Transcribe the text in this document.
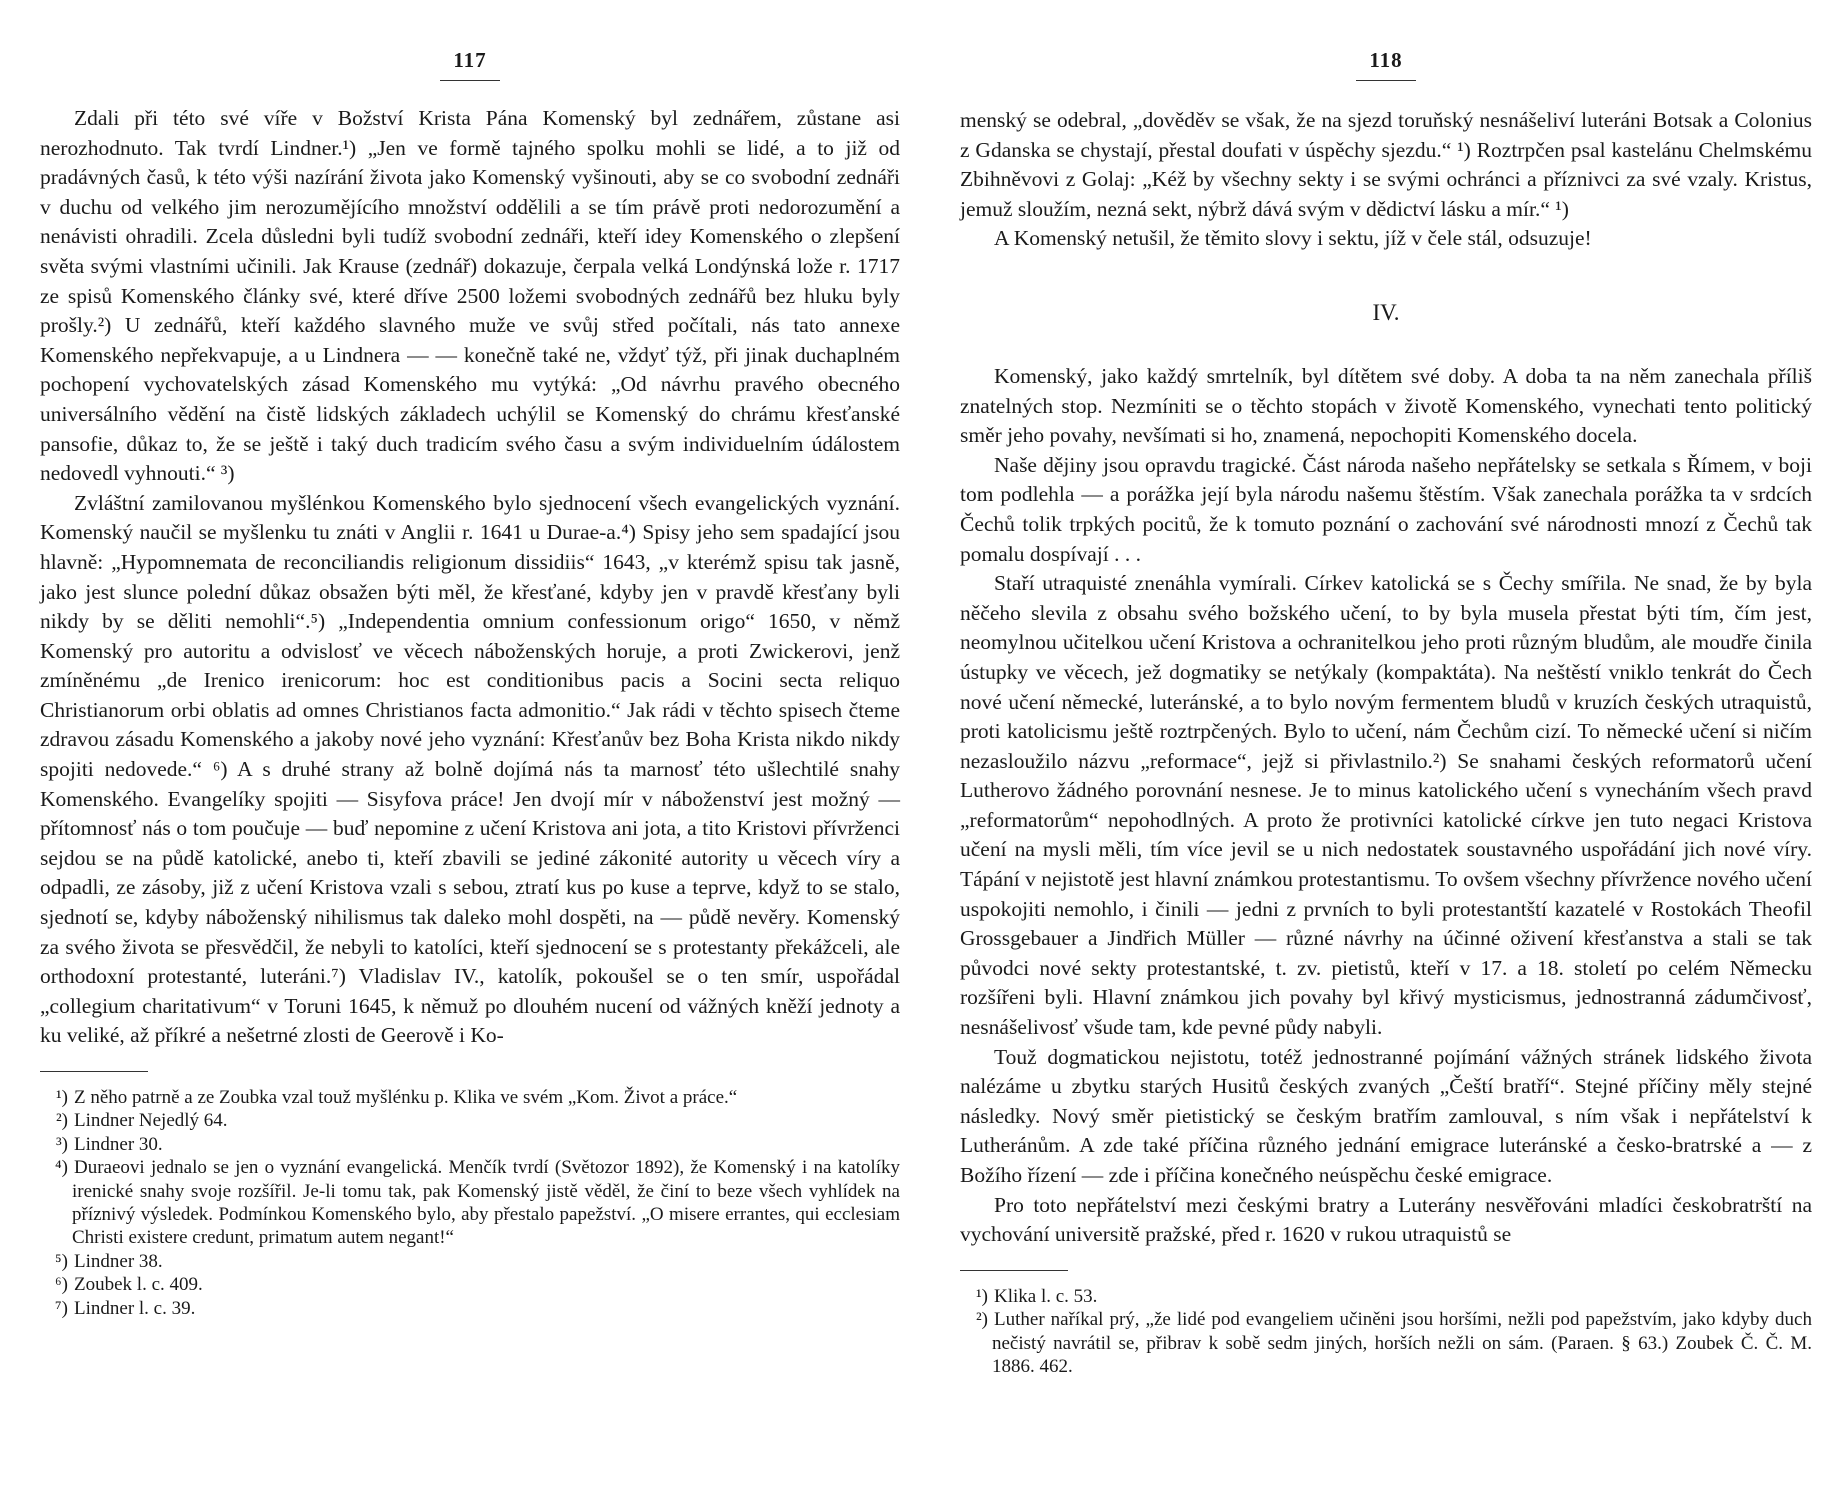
117

Zdali při této své víře v Božství Krista Pána Komenský byl zednářem, zůstane asi nerozhodnuto. Tak tvrdí Lindner.¹) „Jen ve formě tajného spolku mohli se lidé, a to již od pradávných časů, k této výši nazírání života jako Komenský vyšinouti, aby se co svobodní zednáři v duchu od velkého jim nerozumějícího množství oddělili a se tím právě proti nedorozumění a nenávisti ohradili. Zcela důsledni byli tudíž svobodní zednáři, kteří idey Komenského o zlepšení světa svými vlastními učinili. Jak Krause (zednář) dokazuje, čerpala velká Londýnská lože r. 1717 ze spisů Komenského články své, které dříve 2500 ložemi svobodných zednářů bez hluku byly prošly.²) U zednářů, kteří každého slavného muže ve svůj střed počítali, nás tato annexe Komenského nepřekvapuje, a u Lindnera — — konečně také ne, vždyť týž, při jinak duchaplném pochopení vychovatelských zásad Komenského mu vytýká: „Od návrhu pravého obecného universálního vědění na čistě lidských základech uchýlil se Komenský do chrámu křesťanské pansofie, důkaz to, že se ještě i taký duch tradicím svého času a svým individuelním údálostem nedovedl vyhnouti.“ ³)

Zvláštní zamilovanou myšlénkou Komenského bylo sjednocení všech evangelických vyznání. Komenský naučil se myšlenku tu znáti v Anglii r. 1641 u Durae-a.⁴) Spisy jeho sem spadající jsou hlavně: „Hypomnemata de reconciliandis religionum dissidiis“ 1643, „v kterémž spisu tak jasně, jako jest slunce polední důkaz obsažen býti měl, že křesťané, kdyby jen v pravdě křesťany byli nikdy by se děliti nemohli“.⁵) „Independentia omnium confessionum origo“ 1650, v němž Komenský pro autoritu a odvislosť ve věcech náboženských horuje, a proti Zwickerovi, jenž zmíněnému „de Irenico irenicorum: hoc est conditionibus pacis a Socini secta reliquo Christianorum orbi oblatis ad omnes Christianos facta admonitio.“ Jak rádi v těchto spisech čteme zdravou zásadu Komenského a jakoby nové jeho vyznání: Křesťanův bez Boha Krista nikdo nikdy spojiti nedovede.“ ⁶) A s druhé strany až bolně dojímá nás ta marnosť této ušlechtilé snahy Komenského. Evangelíky spojiti — Sisyfova práce! Jen dvojí mír v náboženství jest možný — přítomnosť nás o tom poučuje — buď nepomine z učení Kristova ani jota, a tito Kristovi přívrženci sejdou se na půdě katolické, anebo ti, kteří zbavili se jediné zákonité autority u věcech víry a odpadli, ze zásoby, již z učení Kristova vzali s sebou, ztratí kus po kuse a teprve, když to se stalo, sjednotí se, kdyby náboženský nihilismus tak daleko mohl dospěti, na — půdě nevěry. Komenský za svého života se přesvědčil, že nebyli to katolíci, kteří sjednocení se s protestanty překážceli, ale orthodoxní protestanté, luteráni.⁷) Vladislav IV., katolík, pokoušel se o ten smír, uspořádal „collegium charitativum“ v Toruni 1645, k němuž po dlouhém nucení od vážných kněží jednoty a ku veliké, až příkré a nešetrné zlosti de Geerově i Ko-

¹) Z něho patrně a ze Zoubka vzal touž myšlénku p. Klika ve svém „Kom. Život a práce.“

²) Lindner Nejedlý 64.

³) Lindner 30.

⁴) Duraeovi jednalo se jen o vyznání evangelická. Menčík tvrdí (Světozor 1892), že Komenský i na katolíky irenické snahy svoje rozšířil. Je-li tomu tak, pak Komenský jistě věděl, že činí to beze všech vyhlídek na příznivý výsledek. Podmínkou Komenského bylo, aby přestalo papežství. „O misere errantes, qui ecclesiam Christi existere credunt, primatum autem negant!“

⁵) Lindner 38.

⁶) Zoubek l. c. 409.

⁷) Lindner l. c. 39.

118

menský se odebral, „dověděv se však, že na sjezd toruňský nesnášeliví luteráni Botsak a Colonius z Gdanska se chystají, přestal doufati v úspěchy sjezdu.“ ¹) Roztrpčen psal kastelánu Chelmskému Zbihněvovi z Golaj: „Kéž by všechny sekty i se svými ochránci a příznivci za své vzaly. Kristus, jemuž sloužím, nezná sekt, nýbrž dává svým v dědictví lásku a mír.“ ¹)

A Komenský netušil, že těmito slovy i sektu, jíž v čele stál, odsuzuje!

IV.

Komenský, jako každý smrtelník, byl dítětem své doby. A doba ta na něm zanechala příliš znatelných stop. Nezmíniti se o těchto stopách v životě Komenského, vynechati tento politický směr jeho povahy, nevšímati si ho, znamená, nepochopiti Komenského docela.

Naše dějiny jsou opravdu tragické. Část národa našeho nepřátelsky se setkala s Římem, v boji tom podlehla — a porážka její byla národu našemu štěstím. Však zanechala porážka ta v srdcích Čechů tolik trpkých pocitů, že k tomuto poznání o zachování své národnosti mnozí z Čechů tak pomalu dospívají . . .

Staří utraquisté znenáhla vymírali. Církev katolická se s Čechy smířila. Ne snad, že by byla něčeho slevila z obsahu svého božského učení, to by byla musela přestat býti tím, čím jest, neomylnou učitelkou učení Kristova a ochranitelkou jeho proti různým bludům, ale moudře činila ústupky ve věcech, jež dogmatiky se netýkaly (kompaktáta). Na neštěstí vniklo tenkrát do Čech nové učení německé, luteránské, a to bylo novým fermentem bludů v kruzích českých utraquistů, proti katolicismu ještě roztrpčených. Bylo to učení, nám Čechům cizí. To německé učení si ničím nezasloužilo názvu „reformace“, jejž si přivlastnilo.²) Se snahami českých reformatorů učení Lutherovo žádného porovnání nesnese. Je to minus katolického učení s vynecháním všech pravd „reformatorům“ nepohodlných. A proto že protivníci katolické církve jen tuto negaci Kristova učení na mysli měli, tím více jevil se u nich nedostatek soustavného uspořádání jich nové víry. Tápání v nejistotě jest hlavní známkou protestantismu. To ovšem všechny přívržence nového učení uspokojiti nemohlo, i činili — jedni z prvních to byli protestantští kazatelé v Rostokách Theofil Grossgebauer a Jindřich Müller — různé návrhy na účinné oživení křesťanstva a stali se tak původci nové sekty protestantské, t. zv. pietistů, kteří v 17. a 18. století po celém Německu rozšířeni byli. Hlavní známkou jich povahy byl křivý mysticismus, jednostranná zádumčivosť, nesnášelivosť všude tam, kde pevné půdy nabyli.

Touž dogmatickou nejistotu, totéž jednostranné pojímání vážných stránek lidského života nalézáme u zbytku starých Husitů českých zvaných „Čeští bratří“. Stejné příčiny měly stejné následky. Nový směr pietistický se českým bratřím zamlouval, s ním však i nepřátelství k Lutheránům. A zde také příčina různého jednání emigrace luteránské a česko-bratrské a — z Božího řízení — zde i příčina konečného neúspěchu české emigrace.

Pro toto nepřátelství mezi českými bratry a Luterány nesvěřováni mladíci českobratrští na vychování universitě pražské, před r. 1620 v rukou utraquistů se

¹) Klika l. c. 53.

²) Luther naříkal prý, „že lidé pod evangeliem učiněni jsou horšími, nežli pod papežstvím, jako kdyby duch nečistý navrátil se, přibrav k sobě sedm jiných, horších nežli on sám. (Paraen. § 63.) Zoubek Č. Č. M. 1886. 462.
